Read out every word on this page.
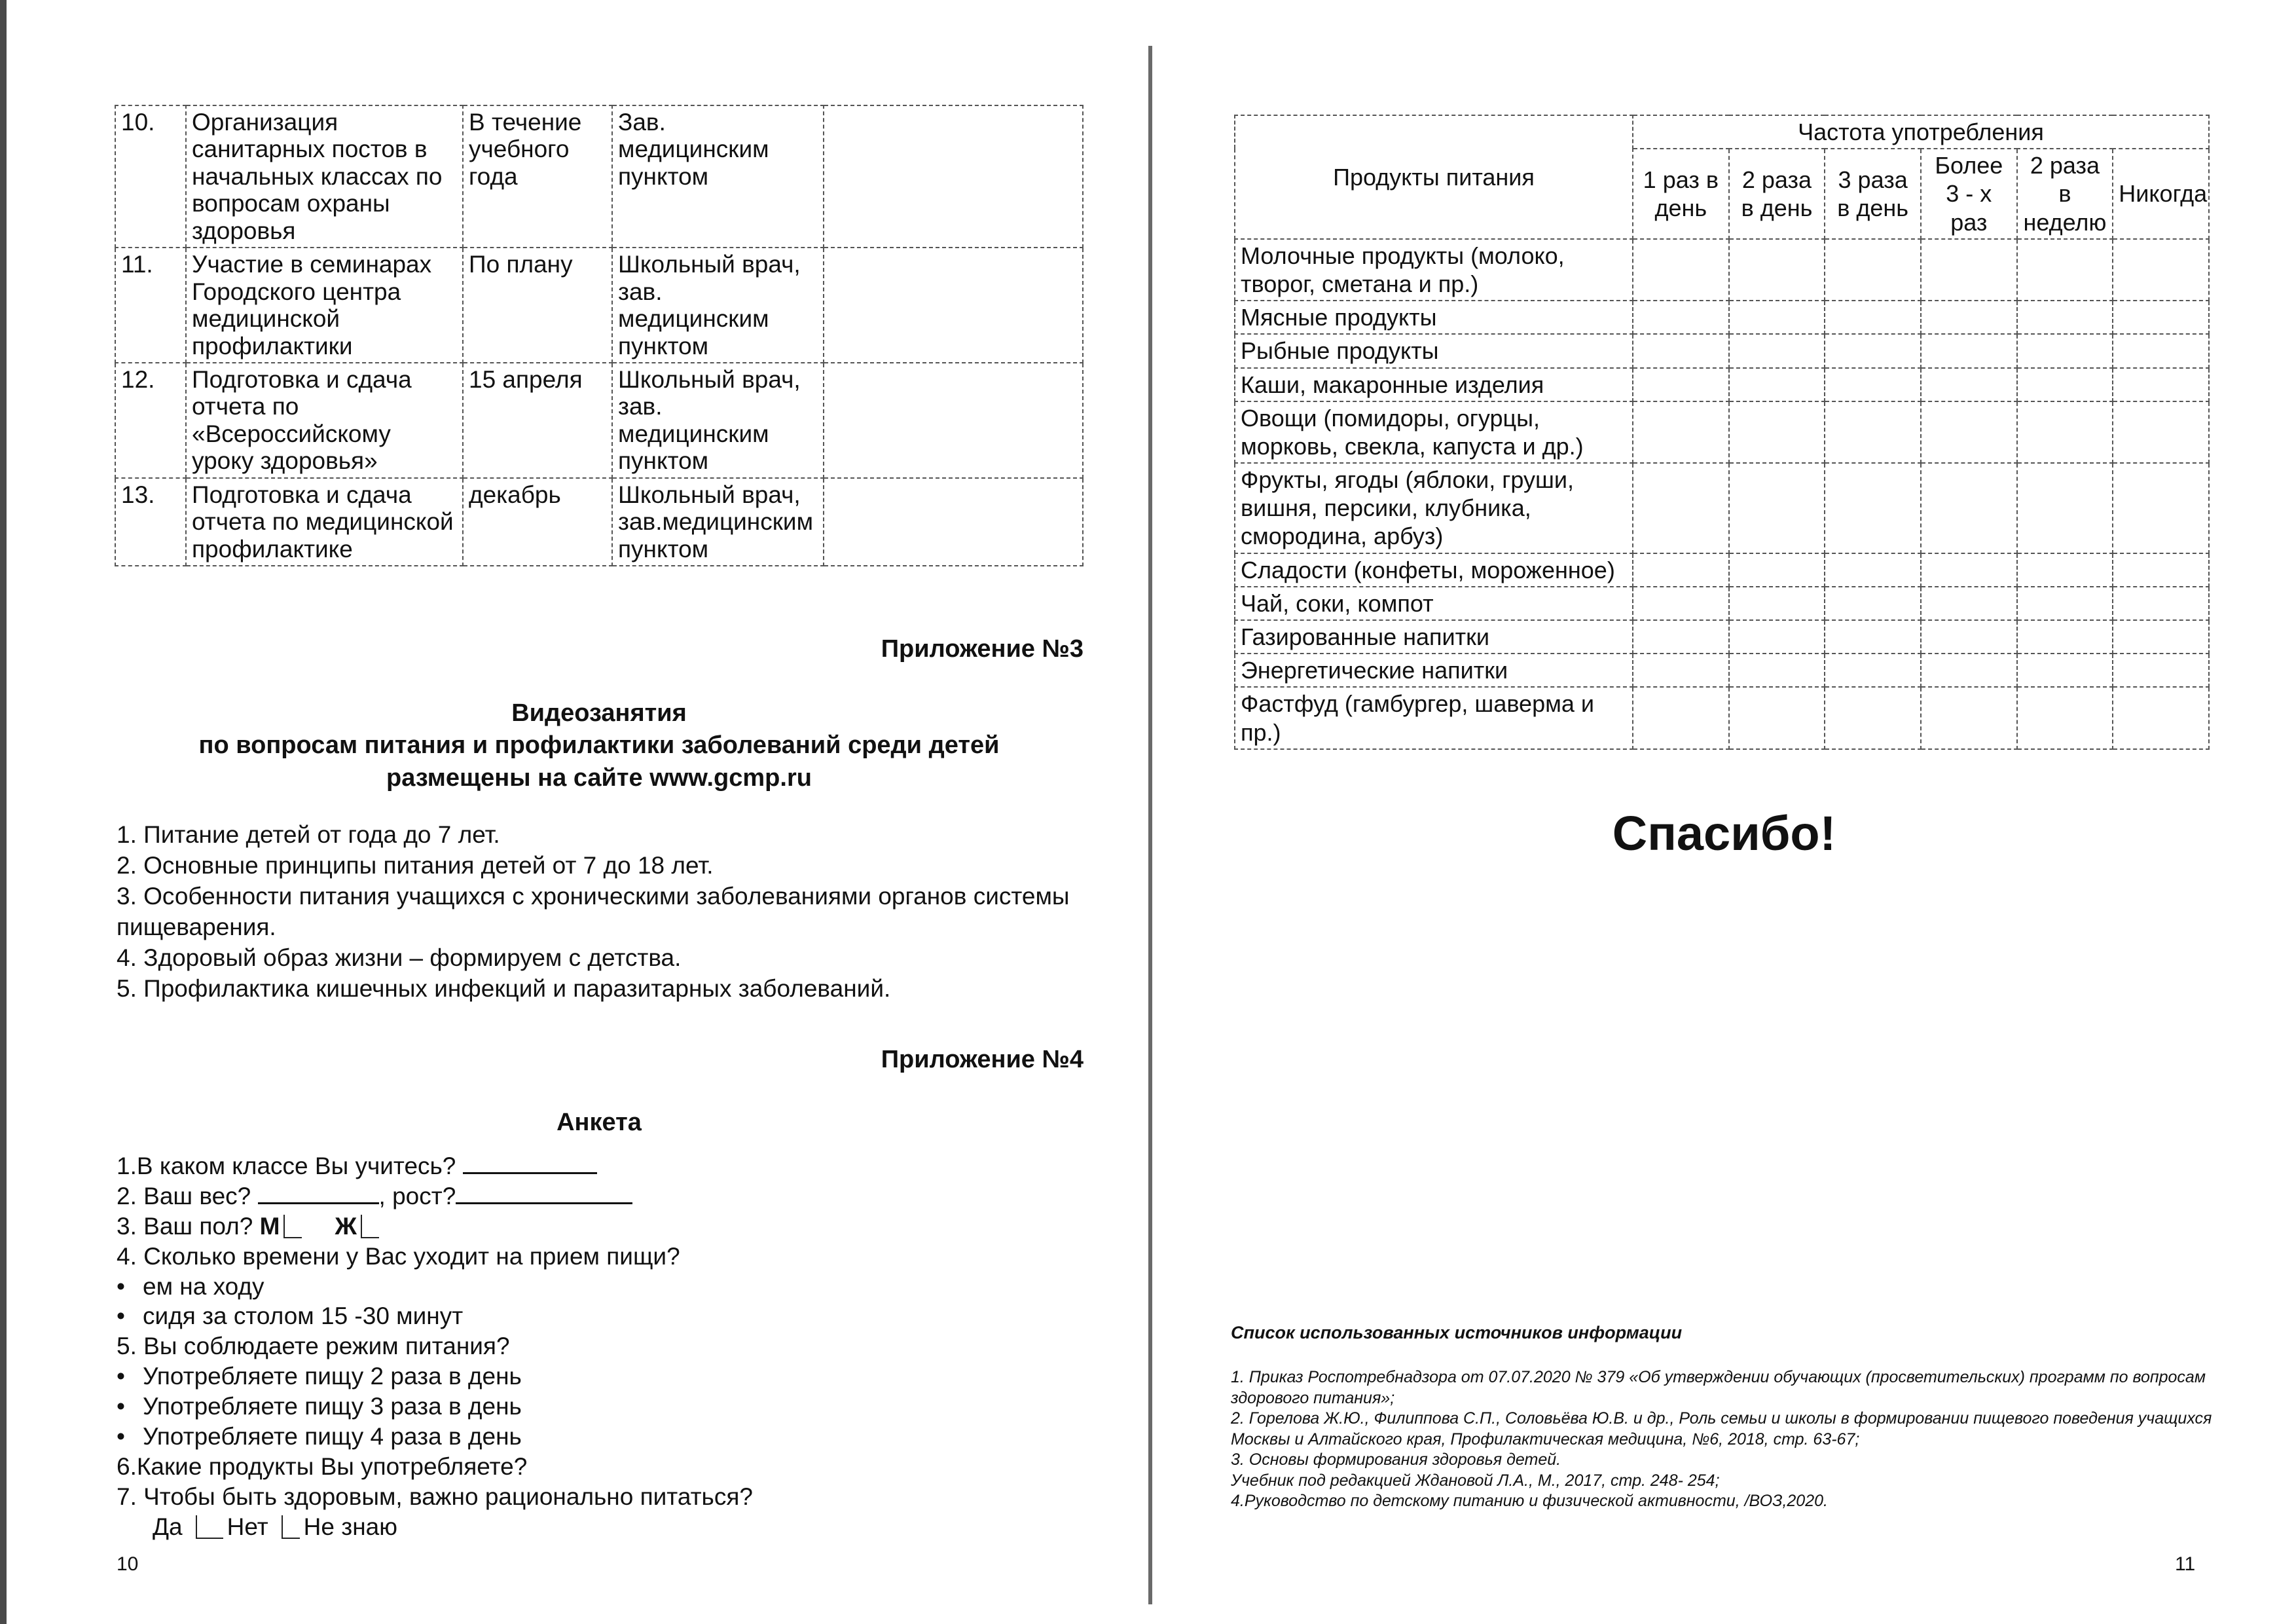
10.	Организация санитарных постов в начальных классах по вопросам охраны здоровья	В течение учебного года	Зав. медицинским пунктом	
11.	Участие в семинарах Городского центра медицинской профилактики	По плану	Школьный врач, зав. медицинским пунктом	
12.	Подготовка и сдача отчета по «Всероссийскому уроку здоровья»	15 апреля	Школьный врач, зав. медицинским пунктом	
13.	Подготовка и сдача отчета по медицинской профилактике	декабрь	Школьный врач, зав.медицинским пунктом	
Приложение №3
Видеозанятия
по вопросам питания и профилактики заболеваний среди детей
размещены на сайте www.gcmp.ru
1. Питание детей от года до 7 лет.
2. Основные принципы питания детей от 7 до 18 лет.
3. Особенности питания учащихся с хроническими заболеваниями органов системы пищеварения.
4. Здоровый образ жизни – формируем с детства.
5. Профилактика кишечных инфекций и паразитарных заболеваний.
Приложение №4
Анкета
1.В каком классе Вы учитесь?
2. Ваш вес?	, рост?
3. Ваш пол? М Ж
4. Сколько времени у Вас уходит на прием пищи?
• ем на ходу
• сидя за столом 15 -30 минут
5. Вы соблюдаете режим питания?
• Употребляете пищу 2 раза в день
• Употребляете пищу 3 раза в день
• Употребляете пищу 4 раза в день
6.Какие продукты Вы употребляете?
7. Чтобы быть здоровым, важно рационально питаться?
Да Нет Не знаю
10
Продукты питания	Частота употребления					
	1 раз в день	2 раза в день	3 раза в день	Более 3 - х раз	2 раза в неделю	Никогда
Молочные продукты (молоко, творог, сметана и пр.)						
Мясные продукты						
Рыбные продукты						
Каши, макаронные изделия						
Овощи (помидоры, огурцы, морковь, свекла, капуста и др.)						
Фрукты, ягоды (яблоки, груши, вишня, персики, клубника, смородина, арбуз)						
Сладости (конфеты, мороженное)						
Чай, соки, компот						
Газированные напитки						
Энергетические напитки						
Фастфуд (гамбургер, шаверма и пр.)						
Спасибо!
Список использованных источников информации
1. Приказ Роспотребнадзора от 07.07.2020 № 379 «Об утверждении обучающих (просветительских) программ по вопросам здорового питания»;
2. Горелова Ж.Ю., Филиппова С.П., Соловьёва Ю.В. и др., Роль семьи и школы в формировании пищевого поведения учащихся Москвы и Алтайского края, Профилактическая медицина, №6, 2018, стр. 63-67;
3. Основы формирования здоровья детей.
Учебник под редакцией Ждановой Л.А., М., 2017, стр. 248- 254;
4.Руководство по детскому питанию и физической активности, /ВОЗ,2020.
11
